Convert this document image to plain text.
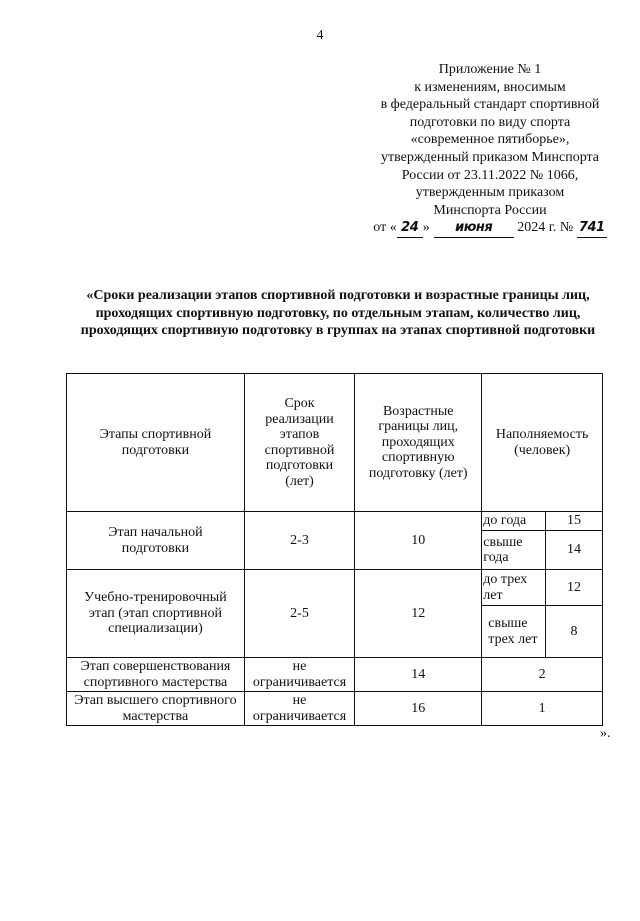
4
Приложение № 1
к изменениям, вносимым
в федеральный стандарт спортивной
подготовки по виду спорта
«современное пятиборье»,
утвержденный приказом Минспорта
России от 23.11.2022 № 1066,
утвержденным приказом
Минспорта России
от « 24 » июня 2024 г. № 741
«Сроки реализации этапов спортивной подготовки и возрастные границы лиц, проходящих спортивную подготовку, по отдельным этапам, количество лиц, проходящих спортивную подготовку в группах на этапах спортивной подготовки
Этапы спортивной подготовки	Срок реализации этапов спортивной подготовки (лет)	Возрастные границы лиц, проходящих спортивную подготовку (лет)	Наполняемость (человек)	
Этап начальной подготовки	2-3	10	до года	15
			свыше года	14
Учебно-тренировочный этап (этап спортивной специализации)	2-5	12	до трех лет	12
			свыше трех лет	8
Этап совершенствования спортивного мастерства	не ограничивается	14	2	
Этап высшего спортивного мастерства	не ограничивается	16	1	
».
